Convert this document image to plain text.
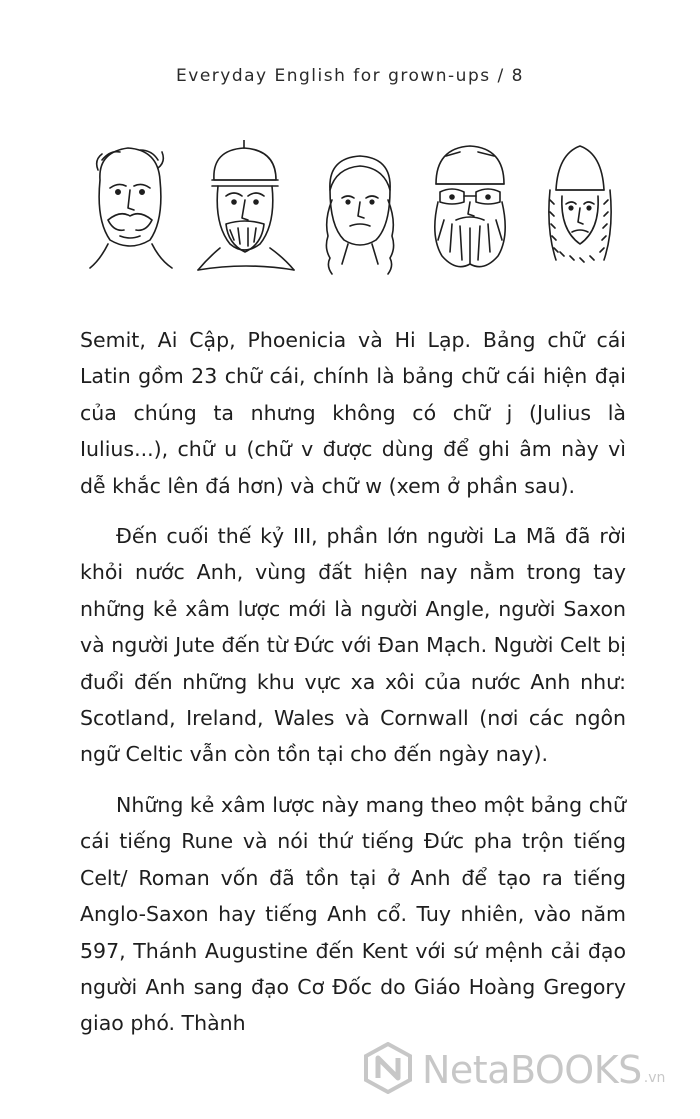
Everyday English for grown-ups / 8

Semit, Ai Cập, Phoenicia và Hi Lạp. Bảng chữ cái Latin gồm 23 chữ cái, chính là bảng chữ cái hiện đại của chúng ta nhưng không có chữ j (Julius là Iulius...), chữ u (chữ v được dùng để ghi âm này vì dễ khắc lên đá hơn) và chữ w (xem ở phần sau).

Đến cuối thế kỷ III, phần lớn người La Mã đã rời khỏi nước Anh, vùng đất hiện nay nằm trong tay những kẻ xâm lược mới là người Angle, người Saxon và người Jute đến từ Đức với Đan Mạch. Người Celt bị đuổi đến những khu vực xa xôi của nước Anh như: Scotland, Ireland, Wales và Cornwall (nơi các ngôn ngữ Celtic vẫn còn tồn tại cho đến ngày nay).

Những kẻ xâm lược này mang theo một bảng chữ cái tiếng Rune và nói thứ tiếng Đức pha trộn tiếng Celt/ Roman vốn đã tồn tại ở Anh để tạo ra tiếng Anglo-Saxon hay tiếng Anh cổ. Tuy nhiên, vào năm 597, Thánh Augustine đến Kent với sứ mệnh cải đạo người Anh sang đạo Cơ Đốc do Giáo Hoàng Gregory giao phó. Thành

NetaBOOKS .vn
